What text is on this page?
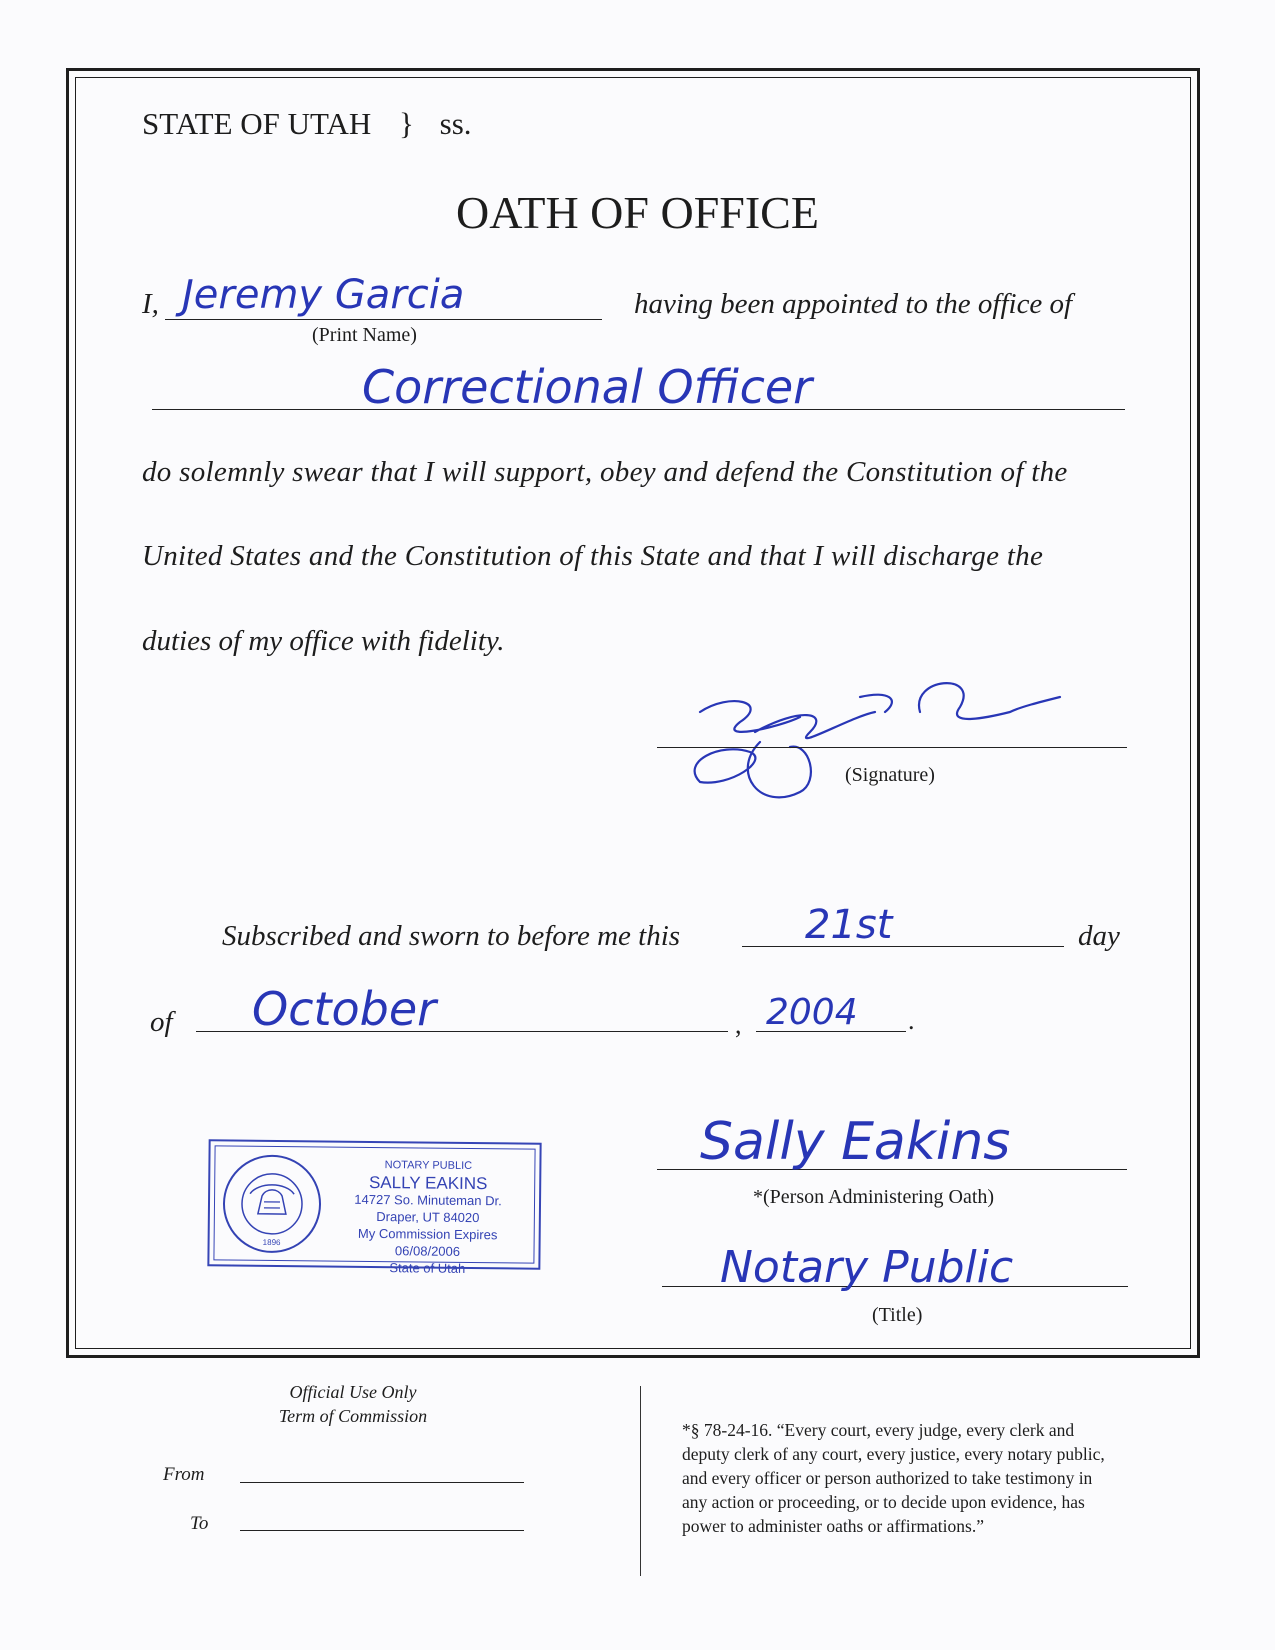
STATE OF UTAH } ss.
OATH OF OFFICE
I, Jeremy Garcia
(Print Name)
having been appointed to the office of
Correctional Officer
do solemnly swear that I will support, obey and defend the Constitution of the
United States and the Constitution of this State and that I will discharge the
duties of my office with fidelity.
(Signature)
Subscribed and sworn to before me this	21st	day
of October	, 2004 .
1896
NOTARY PUBLIC
SALLY EAKINS
14727 So. Minuteman Dr.
Draper, UT 84020
My Commission Expires 06/08/2006
State of Utah
Sally Eakins
*(Person Administering Oath)
Notary Public
(Title)
Official Use Only
Term of Commission
From
To
*§ 78-24-16. “Every court, every judge, every clerk and
deputy clerk of any court, every justice, every notary public,
and every officer or person authorized to take testimony in
any action or proceeding, or to decide upon evidence, has
power to administer oaths or affirmations.”
